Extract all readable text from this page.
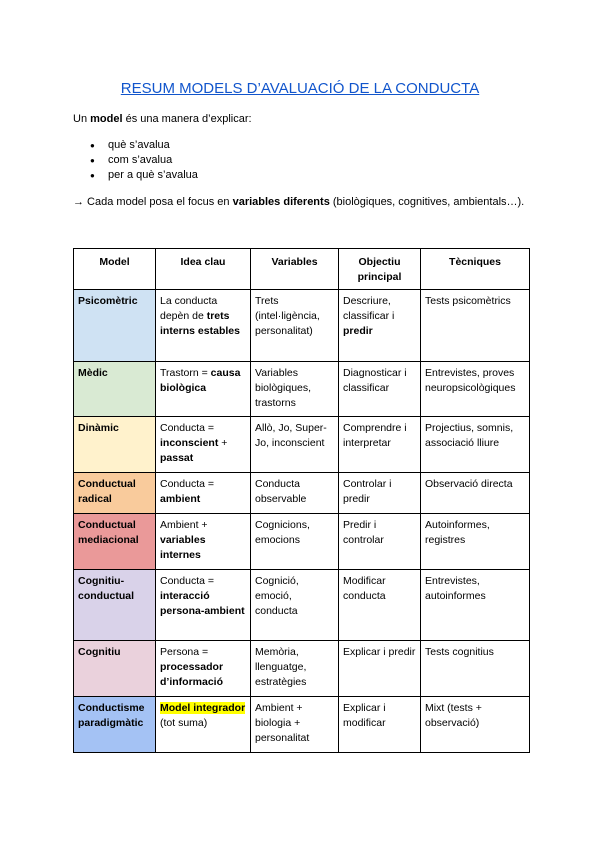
RESUM MODELS D’AVALUACIÓ DE LA CONDUCTA
Un model és una manera d’explicar:
● què s’avalua
● com s’avalua
● per a què s’avalua
→ Cada model posa el focus en variables diferents (biològiques, cognitives, ambientals…).
Model	Idea clau	Variables	Objectiu principal	Tècniques
Psicomètric	La conducta depèn de trets interns estables	Trets (intel·ligència, personalitat)	Descriure, classificar i predir	Tests psicomètrics
Mèdic	Trastorn = causa biològica	Variables biològiques, trastorns	Diagnosticar i classificar	Entrevistes, proves neuropsicològiques
Dinàmic	Conducta = inconscient + passat	Allò, Jo, Super-Jo, inconscient	Comprendre i interpretar	Projectius, somnis, associació lliure
Conductual radical	Conducta = ambient	Conducta observable	Controlar i predir	Observació directa
Conductual mediacional	Ambient + variables internes	Cognicions, emocions	Predir i controlar	Autoinformes, registres
Cognitiu-conductual	Conducta = interacció persona-ambient	Cognició, emoció, conducta	Modificar conducta	Entrevistes, autoinformes
Cognitiu	Persona = processador d’informació	Memòria, llenguatge, estratègies	Explicar i predir	Tests cognitius
Conductisme paradigmàtic	Model integrador (tot suma)	Ambient + biologia + personalitat	Explicar i modificar	Mixt (tests + observació)
